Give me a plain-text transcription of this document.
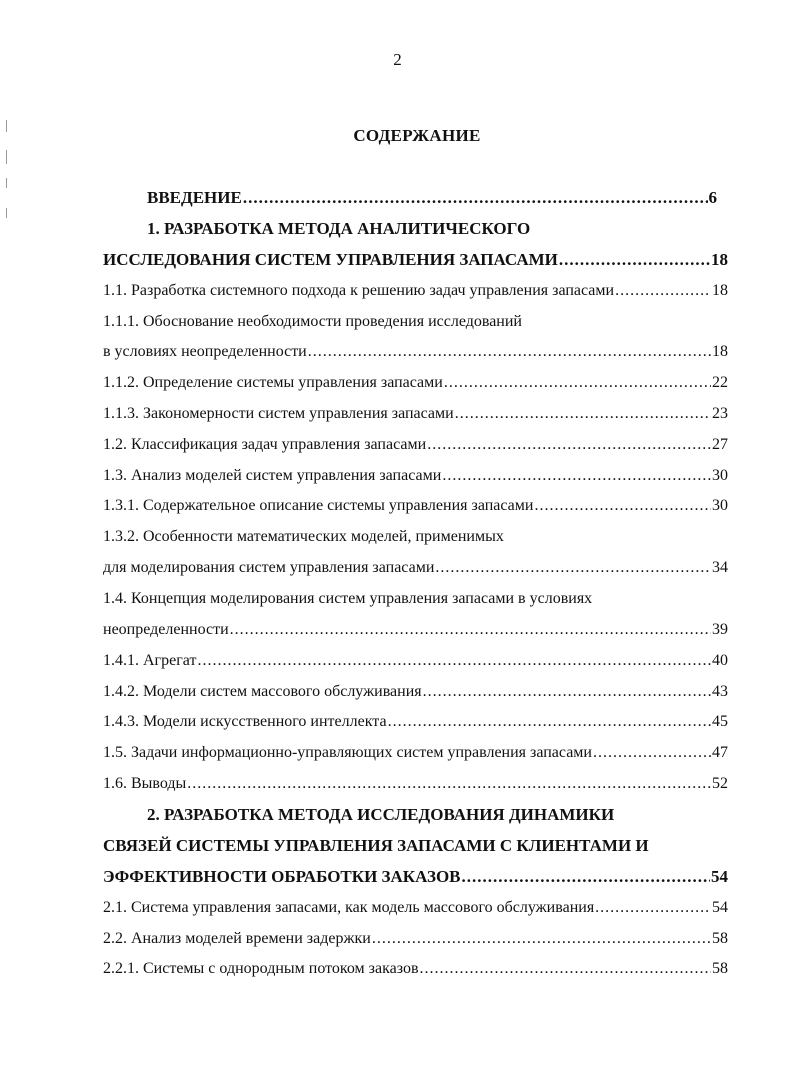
2
СОДЕРЖАНИЕ
ВВЕДЕНИЕ .....	6
1. РАЗРАБОТКА МЕТОДА АНАЛИТИЧЕСКОГО
ИССЛЕДОВАНИЯ СИСТЕМ УПРАВЛЕНИЯ ЗАПАСАМИ .....	18
1.1. Разработка системного подхода к решению задач управления запасами .....	18
1.1.1. Обоснование необходимости проведения исследований
в условиях неопределенности .....	18
1.1.2. Определение системы управления запасами .....	22
1.1.3. Закономерности систем управления запасами .....	23
1.2. Классификация задач управления запасами .....	27
1.3. Анализ моделей систем управления запасами .....	30
1.3.1. Содержательное описание системы управления запасами .....	30
1.3.2. Особенности математических моделей, применимых
для моделирования систем управления запасами .....	34
1.4. Концепция моделирования систем управления запасами в условиях
неопределенности .....	39
1.4.1. Агрегат .....	40
1.4.2. Модели систем массового обслуживания .....	43
1.4.3. Модели искусственного интеллекта .....	45
1.5. Задачи информационно-управляющих систем управления запасами .....	47
1.6. Выводы .....	52
2. РАЗРАБОТКА МЕТОДА ИССЛЕДОВАНИЯ ДИНАМИКИ
СВЯЗЕЙ СИСТЕМЫ УПРАВЛЕНИЯ ЗАПАСАМИ С КЛИЕНТАМИ И
ЭФФЕКТИВНОСТИ ОБРАБОТКИ ЗАКАЗОВ .....	54
2.1. Система управления запасами, как модель массового обслуживания .....	54
2.2. Анализ моделей времени задержки .....	58
2.2.1. Системы с однородным потоком заказов .....	58
